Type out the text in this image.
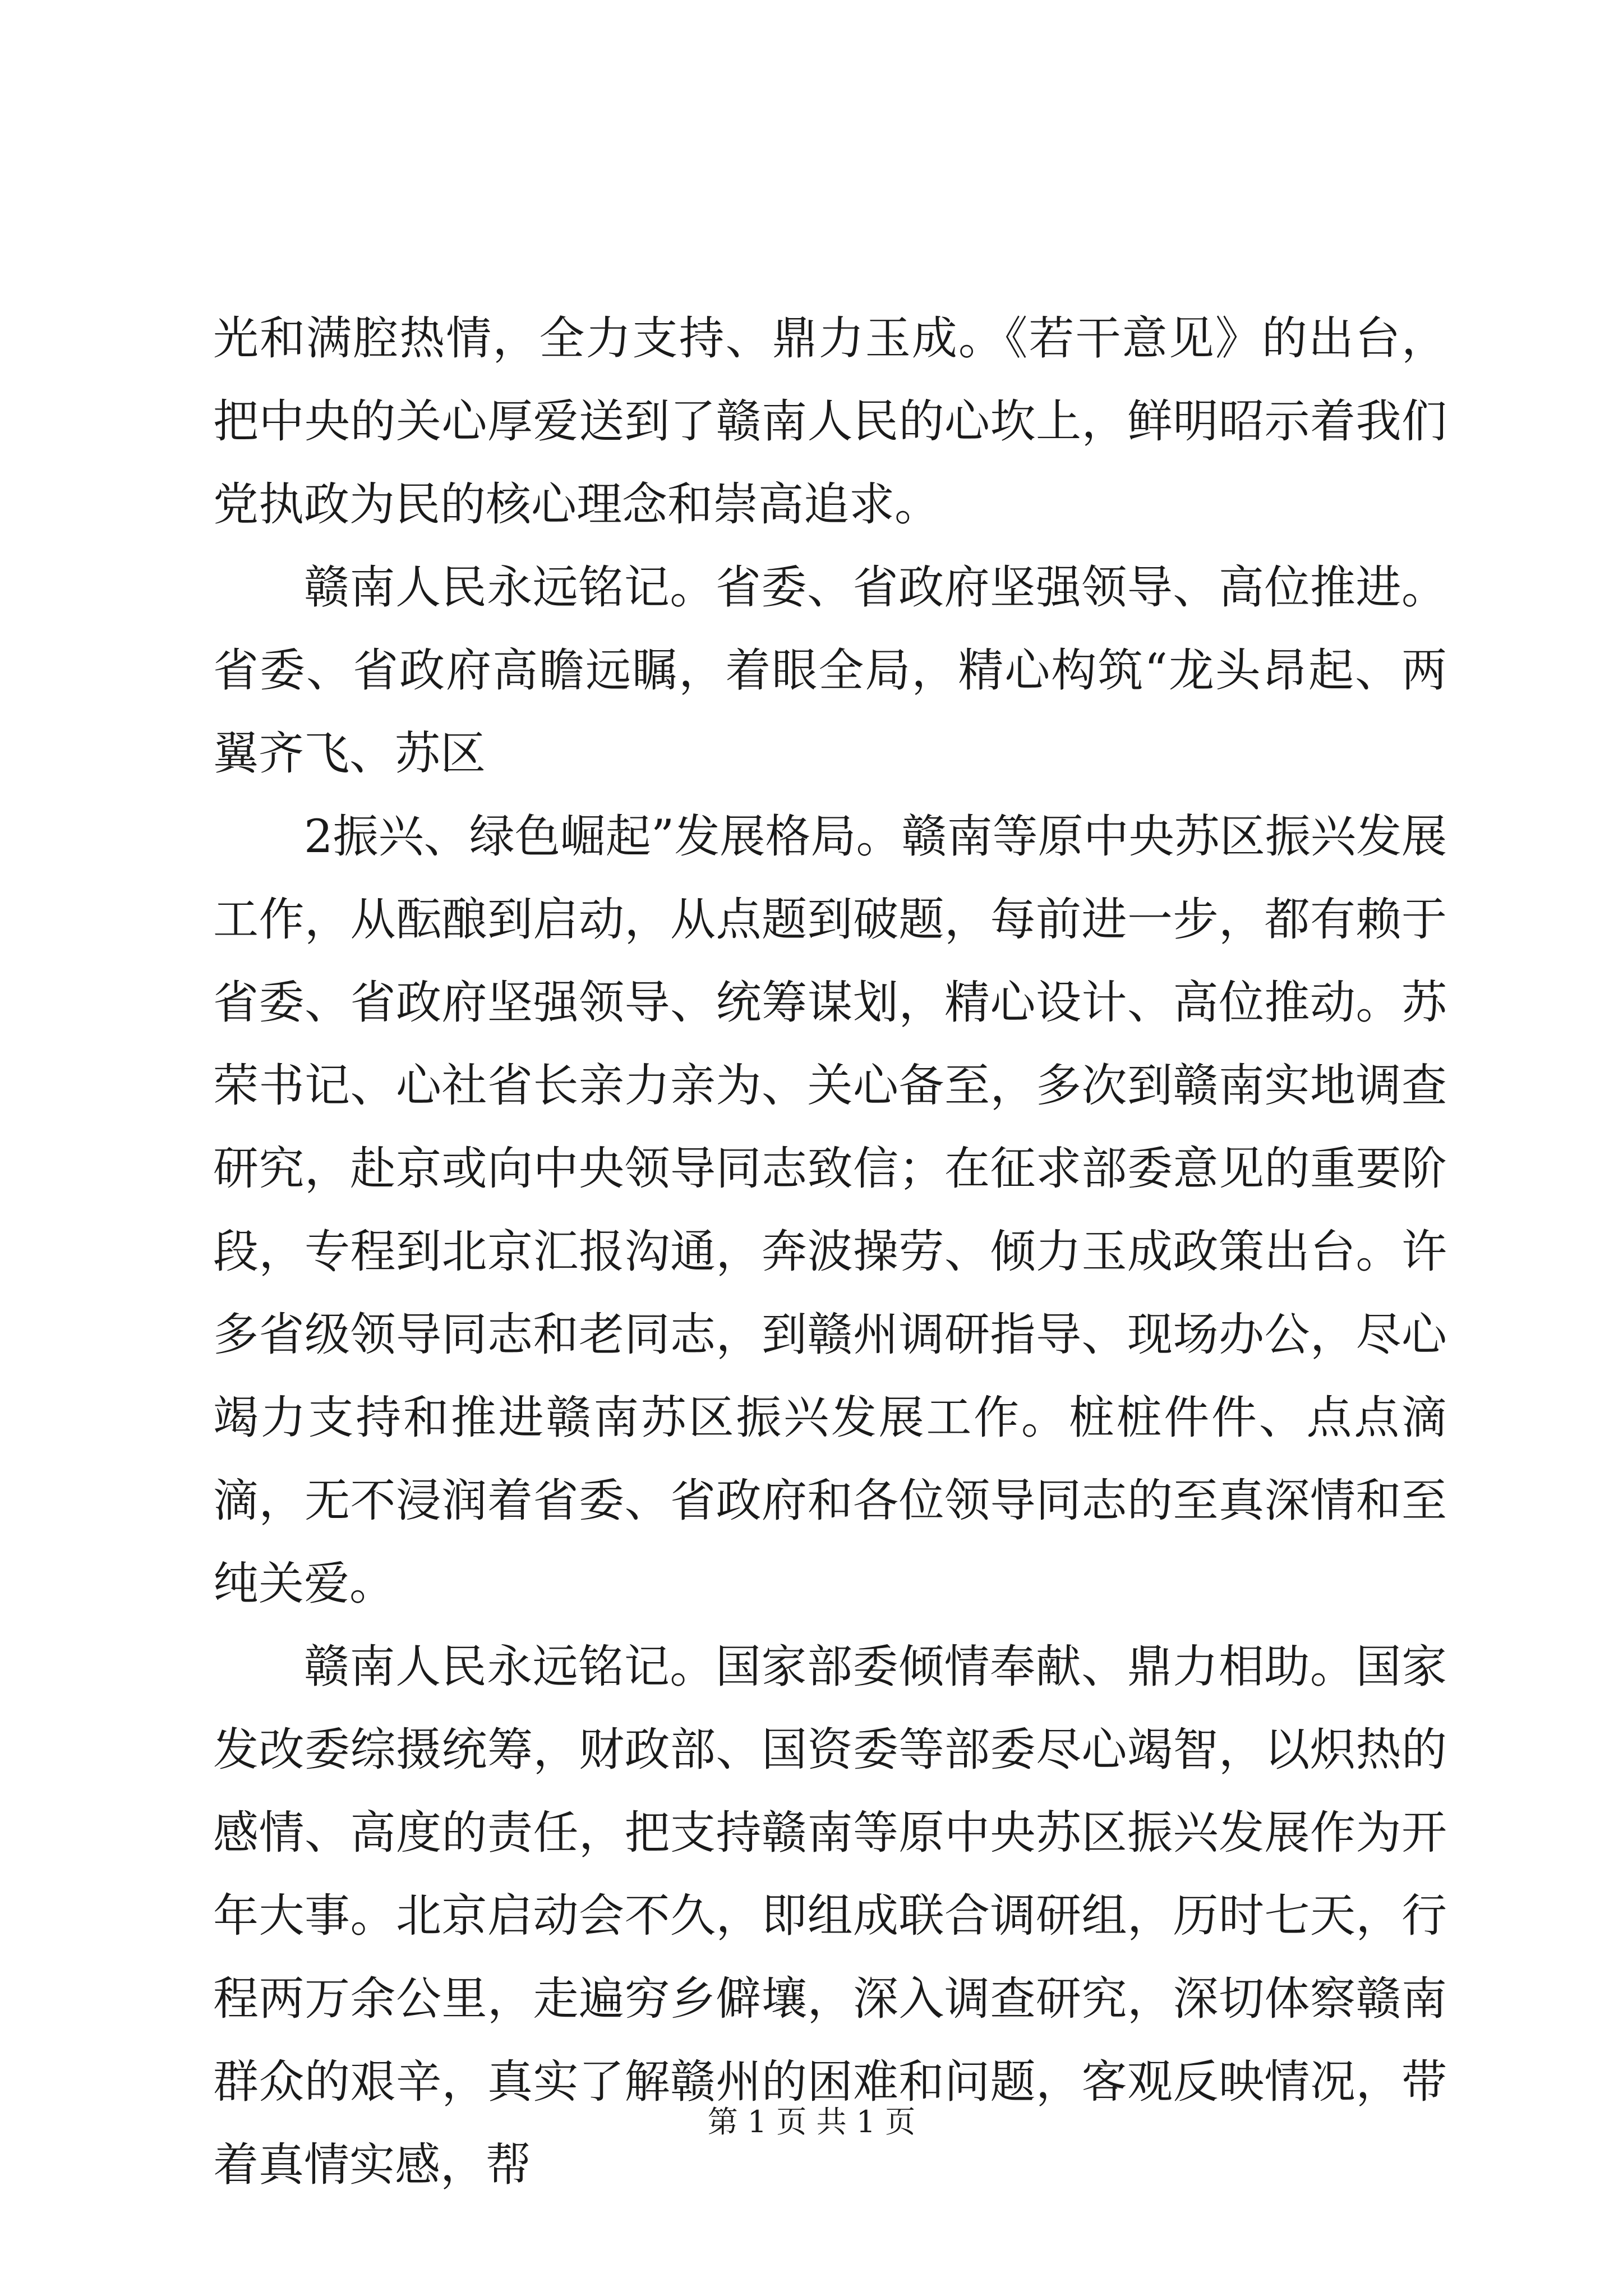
光和满腔热情，全力支持、鼎力玉成。《若干意见》的出台，把中央的关心厚爱送到了赣南人民的心坎上，鲜明昭示着我们党执政为民的核心理念和崇高追求。

赣南人民永远铭记。省委、省政府坚强领导、高位推进。省委、省政府高瞻远瞩，着眼全局，精心构筑“龙头昂起、两翼齐飞、苏区

2振兴、绿色崛起”发展格局。赣南等原中央苏区振兴发展工作，从酝酿到启动，从点题到破题，每前进一步，都有赖于省委、省政府坚强领导、统筹谋划，精心设计、高位推动。苏荣书记、心社省长亲力亲为、关心备至，多次到赣南实地调查研究，赴京或向中央领导同志致信；在征求部委意见的重要阶段，专程到北京汇报沟通，奔波操劳、倾力玉成政策出台。许多省级领导同志和老同志，到赣州调研指导、现场办公，尽心竭力支持和推进赣南苏区振兴发展工作。桩桩件件、点点滴滴，无不浸润着省委、省政府和各位领导同志的至真深情和至纯关爱。

赣南人民永远铭记。国家部委倾情奉献、鼎力相助。国家发改委综摄统筹，财政部、国资委等部委尽心竭智，以炽热的感情、高度的责任，把支持赣南等原中央苏区振兴发展作为开年大事。北京启动会不久，即组成联合调研组，历时七天，行程两万余公里，走遍穷乡僻壤，深入调查研究，深切体察赣南群众的艰辛，真实了解赣州的困难和问题，客观反映情况，带着真情实感，帮

第 1 页 共 1 页
